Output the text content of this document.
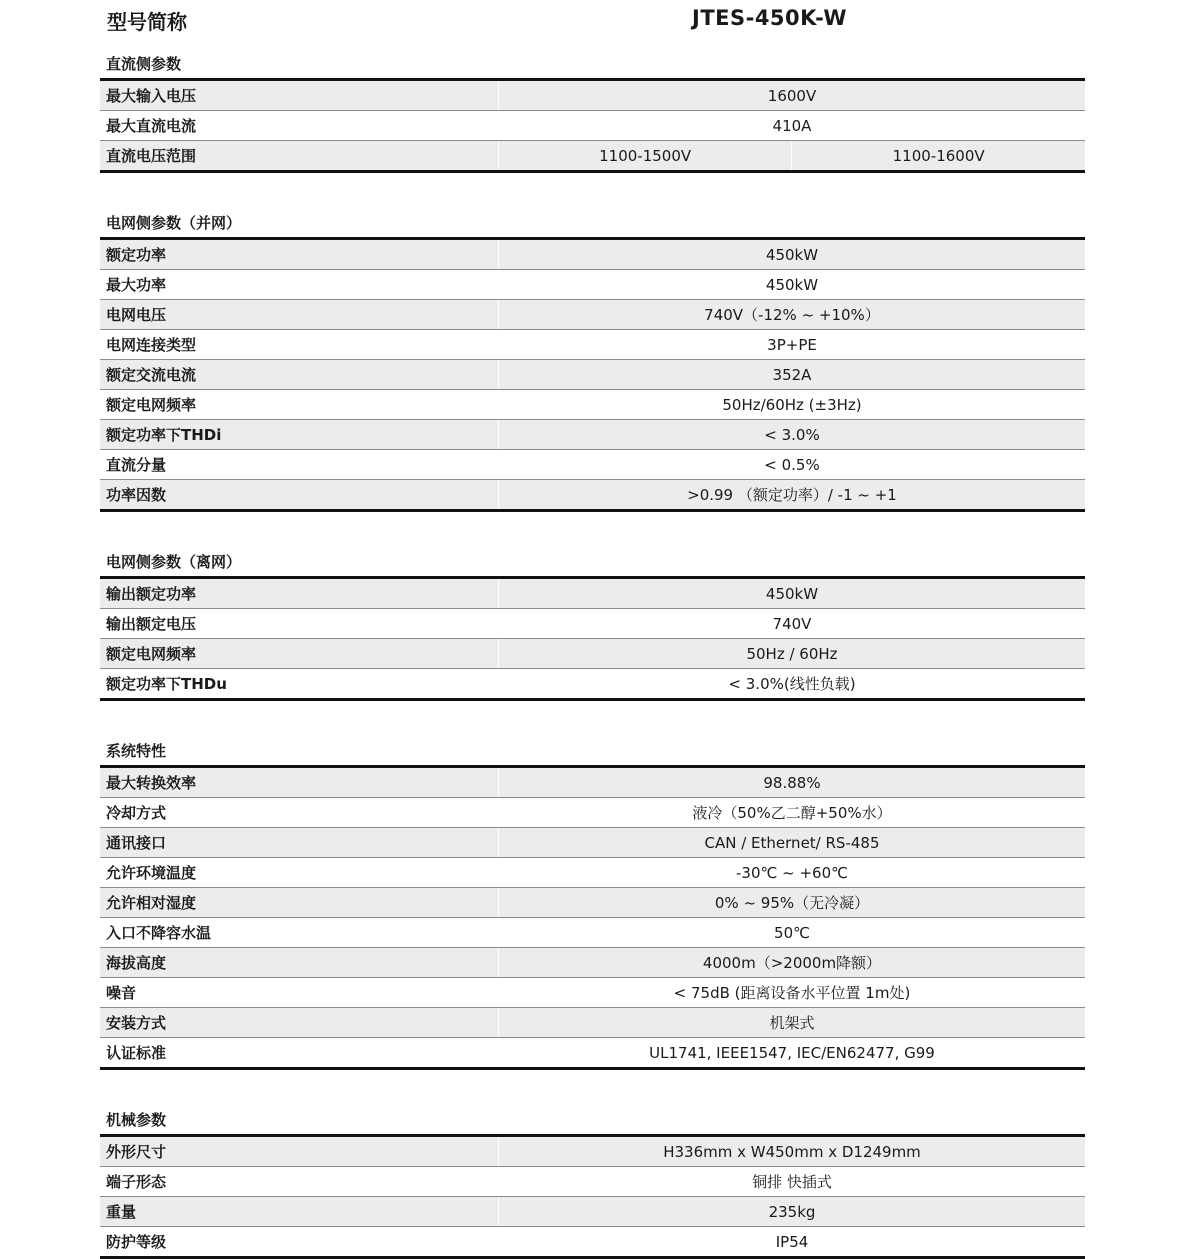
型号简称	JTES-450K-W
直流侧参数
最大输入电压	1600V	
最大直流电流	410A	
直流电压范围	1100-1500V	1100-1600V
电网侧参数（并网）
额定功率	450kW
最大功率	450kW
电网电压	740V（-12% ~ +10%）
电网连接类型	3P+PE
额定交流电流	352A
额定电网频率	50Hz/60Hz (±3Hz)
额定功率下THDi	< 3.0%
直流分量	< 0.5%
功率因数	>0.99 （额定功率）/ -1 ~ +1
电网侧参数（离网）
输出额定功率	450kW
输出额定电压	740V
额定电网频率	50Hz / 60Hz
额定功率下THDu	< 3.0%(线性负载)
系统特性
最大转换效率	98.88%
冷却方式	液冷（50%乙二醇+50%水）
通讯接口	CAN / Ethernet/ RS-485
允许环境温度	-30℃ ~ +60℃
允许相对湿度	0% ~ 95%（无冷凝）
入口不降容水温	50℃
海拔高度	4000m（>2000m降额）
噪音	< 75dB (距离设备水平位置 1m处)
安装方式	机架式
认证标准	UL1741, IEEE1547, IEC/EN62477, G99
机械参数
外形尺寸	H336mm x W450mm x D1249mm
端子形态	铜排 快插式
重量	235kg
防护等级	IP54
